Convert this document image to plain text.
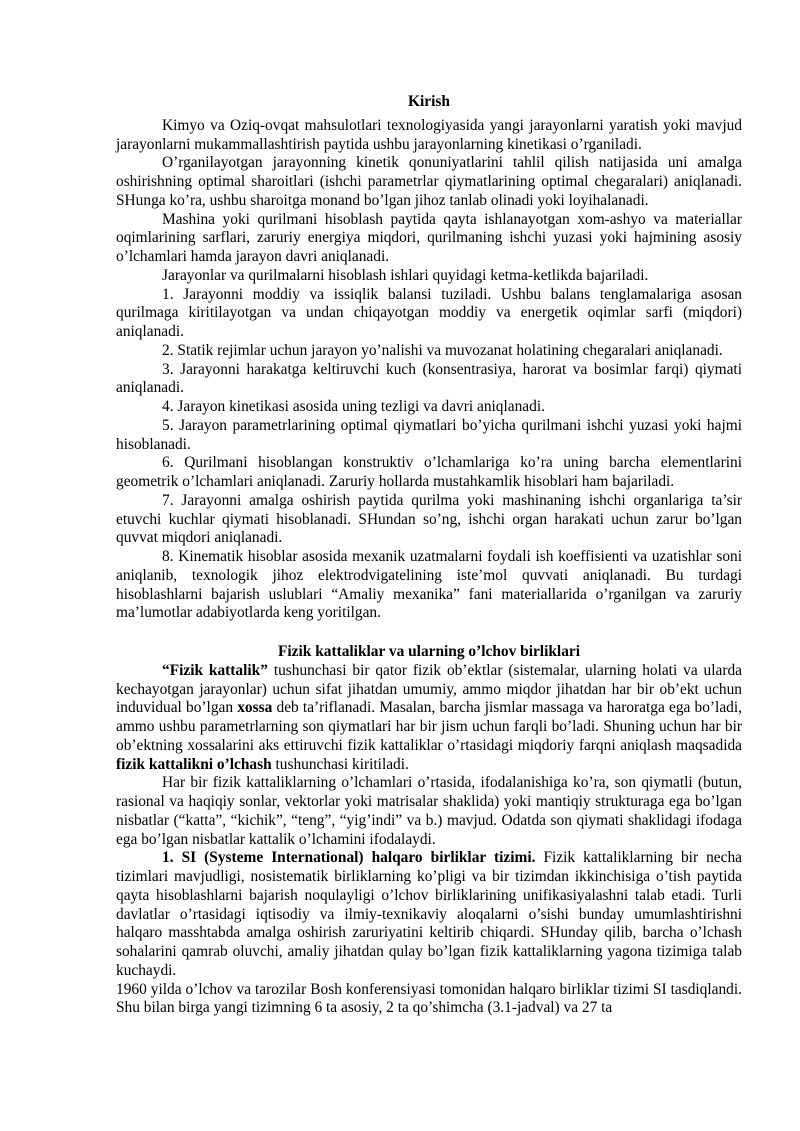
Kirish

Kimyo va Oziq-ovqat mahsulotlari texnologiyasida yangi jarayonlarni yaratish yoki mavjud jarayonlarni mukammallashtirish paytida ushbu jarayonlarning kinetikasi o’rganiladi.

O’rganilayotgan jarayonning kinetik qonuniyatlarini tahlil qilish natijasida uni amalga oshirishning optimal sharoitlari (ishchi parametrlar qiymatlarining optimal chegaralari) aniqlanadi. SHunga ko’ra, ushbu sharoitga monand bo’lgan jihoz tanlab olinadi yoki loyihalanadi.

Mashina yoki qurilmani hisoblash paytida qayta ishlanayotgan xom-ashyo va materiallar oqimlarining sarflari, zaruriy energiya miqdori, qurilmaning ishchi yuzasi yoki hajmining asosiy o’lchamlari hamda jarayon davri aniqlanadi.

Jarayonlar va qurilmalarni hisoblash ishlari quyidagi ketma-ketlikda bajariladi.

1. Jarayonni moddiy va issiqlik balansi tuziladi. Ushbu balans tenglamalariga asosan qurilmaga kiritilayotgan va undan chiqayotgan moddiy va energetik oqimlar sarfi (miqdori) aniqlanadi.

2. Statik rejimlar uchun jarayon yo’nalishi va muvozanat holatining chegaralari aniqlanadi.

3. Jarayonni harakatga keltiruvchi kuch (konsentrasiya, harorat va bosimlar farqi) qiymati aniqlanadi.

4. Jarayon kinetikasi asosida uning tezligi va davri aniqlanadi.

5. Jarayon parametrlarining optimal qiymatlari bo’yicha qurilmani ishchi yuzasi yoki hajmi hisoblanadi.

6. Qurilmani hisoblangan konstruktiv o’lchamlariga ko’ra uning barcha elementlarini geometrik o’lchamlari aniqlanadi. Zaruriy hollarda mustahkamlik hisoblari ham bajariladi.

7. Jarayonni amalga oshirish paytida qurilma yoki mashinaning ishchi organlariga ta’sir etuvchi kuchlar qiymati hisoblanadi. SHundan so’ng, ishchi organ harakati uchun zarur bo’lgan quvvat miqdori aniqlanadi.

8. Kinematik hisoblar asosida mexanik uzatmalarni foydali ish koeffisienti va uzatishlar soni aniqlanib, texnologik jihoz elektrodvigatelining iste’mol quvvati aniqlanadi. Bu turdagi hisoblashlarni bajarish uslublari “Amaliy mexanika” fani materiallarida o’rganilgan va zaruriy ma’lumotlar adabiyotlarda keng yoritilgan.

Fizik kattaliklar va ularning o’lchov birliklari

“Fizik kattalik” tushunchasi bir qator fizik ob’ektlar (sistemalar, ularning holati va ularda kechayotgan jarayonlar) uchun sifat jihatdan umumiy, ammo miqdor jihatdan har bir ob’ekt uchun induvidual bo’lgan xossa deb ta’riflanadi. Masalan, barcha jismlar massaga va haroratga ega bo’ladi, ammo ushbu parametrlarning son qiymatlari har bir jism uchun farqli bo’ladi. Shuning uchun har bir ob’ektning xossalarini aks ettiruvchi fizik kattaliklar o’rtasidagi miqdoriy farqni aniqlash maqsadida fizik kattalikni o’lchash tushunchasi kiritiladi.

Har bir fizik kattaliklarning o’lchamlari o’rtasida, ifodalanishiga ko’ra, son qiymatli (butun, rasional va haqiqiy sonlar, vektorlar yoki matrisalar shaklida) yoki mantiqiy strukturaga ega bo’lgan nisbatlar (“katta”, “kichik”, “teng”, “yig’indi” va b.) mavjud. Odatda son qiymati shaklidagi ifodaga ega bo’lgan nisbatlar kattalik o’lchamini ifodalaydi.

1. SI (Systeme International) halqaro birliklar tizimi. Fizik kattaliklarning bir necha tizimlari mavjudligi, nosistematik birliklarning ko’pligi va bir tizimdan ikkinchisiga o’tish paytida qayta hisoblashlarni bajarish noqulayligi o’lchov birliklarining unifikasiyalashni talab etadi. Turli davlatlar o’rtasidagi iqtisodiy va ilmiy-texnikaviy aloqalarni o’sishi bunday umumlashtirishni halqaro masshtabda amalga oshirish zaruriyatini keltirib chiqardi. SHunday qilib, barcha o’lchash sohalarini qamrab oluvchi, amaliy jihatdan qulay bo’lgan fizik kattaliklarning yagona tizimiga talab kuchaydi.

1960 yilda o’lchov va tarozilar Bosh konferensiyasi tomonidan halqaro birliklar tizimi SI tasdiqlandi. Shu bilan birga yangi tizimning 6 ta asosiy, 2 ta qo’shimcha (3.1-jadval) va 27 ta
